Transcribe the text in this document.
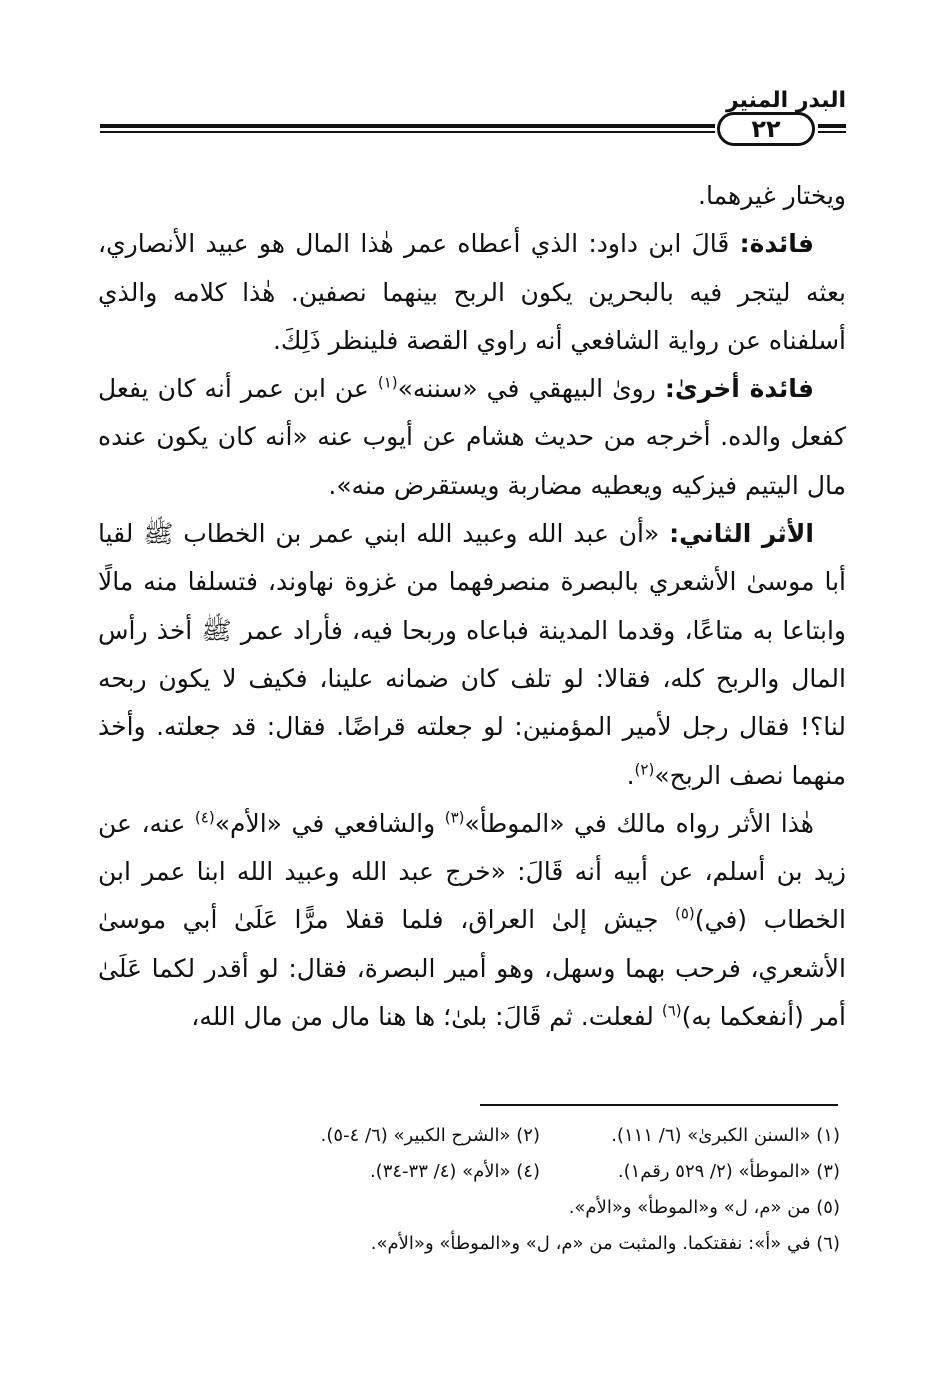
البدر المنير
٢٢

ويختار غيرهما.

فائدة: قَالَ ابن داود: الذي أعطاه عمر هٰذا المال هو عبيد الأنصاري، بعثه ليتجر فيه بالبحرين يكون الربح بينهما نصفين. هٰذا كلامه والذي أسلفناه عن رواية الشافعي أنه راوي القصة فلينظر ذَلِكَ.

فائدة أخرىٰ: روىٰ البيهقي في «سننه»$^{(١)}$ عن ابن عمر أنه كان يفعل كفعل والده. أخرجه من حديث هشام عن أيوب عنه «أنه كان يكون عنده مال اليتيم فيزكيه ويعطيه مضاربة ويستقرض منه».

الأثر الثاني: «أن عبد الله وعبيد الله ابني عمر بن الخطاب ﷺ لقيا أبا موسىٰ الأشعري بالبصرة منصرفهما من غزوة نهاوند، فتسلفا منه مالًا وابتاعا به متاعًا، وقدما المدينة فباعاه وربحا فيه، فأراد عمر ﷺ أخذ رأس المال والربح كله، فقالا: لو تلف كان ضمانه علينا، فكيف لا يكون ربحه لنا؟! فقال رجل لأمير المؤمنين: لو جعلته قراضًا. فقال: قد جعلته. وأخذ منهما نصف الربح»$^{(٢)}$.

هٰذا الأثر رواه مالك في «الموطأ»$^{(٣)}$ والشافعي في «الأم»$^{(٤)}$ عنه، عن زيد بن أسلم، عن أبيه أنه قَالَ: «خرج عبد الله وعبيد الله ابنا عمر ابن الخطاب (في)$^{(٥)}$ جيش إلىٰ العراق، فلما قفلا مرًّا عَلَىٰ أبي موسىٰ الأشعري، فرحب بهما وسهل، وهو أمير البصرة، فقال: لو أقدر لكما عَلَىٰ أمر (أنفعكما به)$^{(٦)}$ لفعلت. ثم قَالَ: بلىٰ؛ ها هنا مال من مال الله،

(١) «السنن الكبرىٰ» (٦/ ١١١).
(٢) «الشرح الكبير» (٦/ ٤-٥).
(٣) «الموطأ» (٢/ ٥٢٩ رقم١).
(٤) «الأم» (٤/ ٣٣-٣٤).
(٥) من «م، ل» و«الموطأ» و«الأم».
(٦) في «أ»: نفقتكما. والمثبت من «م، ل» و«الموطأ» و«الأم».
